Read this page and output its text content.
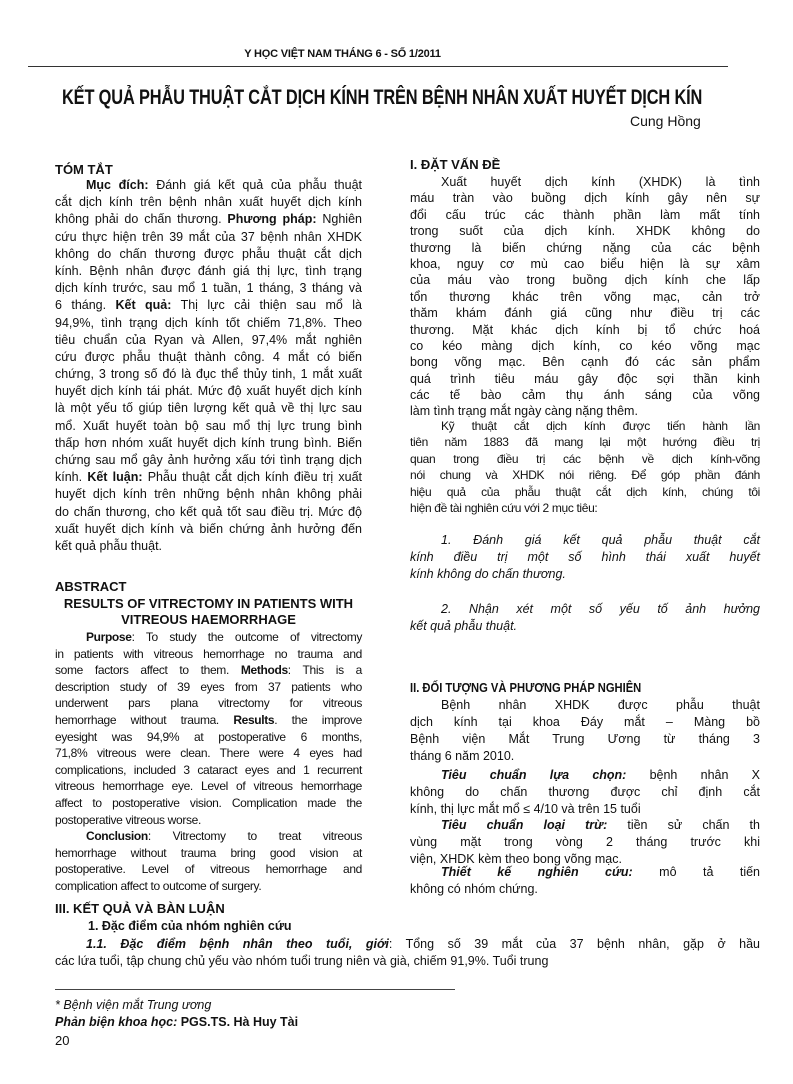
Y HỌC VIỆT NAM THÁNG 6 - SỐ 1/2011
KẾT QUẢ PHẪU THUẬT CẮT DỊCH KÍNH TRÊN BỆNH NHÂN XUẤT HUYẾT DỊCH KÍN
Cung Hồng
TÓM TẮT
Mục đích: Đánh giá kết quả của phẫu thuật
cắt dịch kính trên bệnh nhân xuất huyết dịch kính
không phải do chấn thương. Phương pháp: Nghiên
cứu thực hiện trên 39 mắt của 37 bệnh nhân XHDK
không do chấn thương được phẫu thuật cắt dịch
kính. Bệnh nhân được đánh giá thị lực, tình trạng
dịch kính trước, sau mổ 1 tuần, 1 tháng, 3 tháng và
6 tháng. Kết quả: Thị lực cải thiện sau mổ là
94,9%, tình trạng dịch kính tốt chiếm 71,8%. Theo
tiêu chuẩn của Ryan và Allen, 97,4% mắt nghiên
cứu được phẫu thuật thành công. 4 mắt có biến
chứng, 3 trong số đó là đục thể thủy tinh, 1 mắt xuất
huyết dịch kính tái phát. Mức độ xuất huyết dịch kính
là một yếu tố giúp tiên lượng kết quả về thị lực sau
mổ. Xuất huyết toàn bộ sau mổ thị lực trung bình
thấp hơn nhóm xuất huyết dịch kính trung bình. Biến
chứng sau mổ gây ảnh hưởng xấu tới tình trạng dịch
kính. Kết luận: Phẫu thuật cắt dịch kính điều trị xuất
huyết dịch kính trên những bệnh nhân không phải
do chấn thương, cho kết quả tốt sau điều trị. Mức độ
xuất huyết dịch kính và biến chứng ảnh hưởng đến
kết quả phẫu thuật.
ABSTRACT
RESULTS OF VITRECTOMY IN PATIENTS WITH
VITREOUS HAEMORRHAGE
Purpose: To study the outcome of vitrectomy
in patients with vitreous hemorrhage no trauma and
some factors affect to them. Methods: This is a
description study of 39 eyes from 37 patients who
underwent pars plana vitrectomy for vitreous
hemorrhage without trauma. Results. the improve
eyesight was 94,9% at postoperative 6 months,
71,8% vitreous were clean. There were 4 eyes had
complications, included 3 cataract eyes and 1 recurrent
vitreous hemorrhage eye. Level of vitreous hemorrhage
affect to postoperative vision. Complication made the
postoperative vitreous worse.
Conclusion: Vitrectomy to treat vitreous
hemorrhage without trauma bring good vision at
postoperative. Level of vitreous hemorrhage and
complication affect to outcome of surgery.
I. ĐẶT VẤN ĐỀ
Xuất huyết dịch kính (XHDK) là tình
máu tràn vào buồng dịch kính gây nên sự
đổi cấu trúc các thành phần làm mất tính
trong suốt của dịch kính. XHDK không do
thương là biến chứng nặng của các bệnh
khoa, nguy cơ mù cao biểu hiện là sự xâm
của máu vào trong buồng dịch kính che lấp
tổn thương khác trên võng mạc, cản trở
thăm khám đánh giá cũng như điều trị các
thương. Mặt khác dịch kính bị tổ chức hoá
co kéo màng dịch kính, co kéo võng mạc
bong võng mạc. Bên cạnh đó các sản phẩm
quá trình tiêu máu gây độc sợi thần kinh
các tế bào cảm thụ ánh sáng của võng
làm tình trạng mắt ngày càng nặng thêm.
Kỹ thuật cắt dịch kính được tiến hành lần
tiên năm 1883 đã mang lại một hướng điều trị
quan trong điều trị các bệnh về dịch kính-võng
nói chung và XHDK nói riêng. Để góp phần đánh
hiệu quả của phẫu thuật cắt dịch kính, chúng tôi
hiện đề tài nghiên cứu với 2 mục tiêu:
1. Đánh giá kết quả phẫu thuật cắt
kính điều trị một số hình thái xuất huyết
kính không do chấn thương.
2. Nhận xét một số yếu tố ảnh hưởng
kết quả phẫu thuật.
II. ĐỐI TƯỢNG VÀ PHƯƠNG PHÁP NGHIÊN
Bệnh nhân XHDK được phẫu thuật
dịch kính tại khoa Đáy mắt – Màng bồ
Bệnh viện Mắt Trung Ương từ tháng 3
tháng 6 năm 2010.
Tiêu chuẩn lựa chọn: bệnh nhân X
không do chấn thương được chỉ định cắt
kính, thị lực mắt mổ ≤ 4/10 và trên 15 tuổi
Tiêu chuẩn loại trừ: tiền sử chấn th
vùng mặt trong vòng 2 tháng trước khi
viện, XHDK kèm theo bong võng mạc.
Thiết kế nghiên cứu: mô tả tiến
không có nhóm chứng.
III. KẾT QUẢ VÀ BÀN LUẬN
1. Đặc điểm của nhóm nghiên cứu
1.1. Đặc điểm bệnh nhân theo tuổi, giới: Tổng số 39 mắt của 37 bệnh nhân, gặp ở hầu
các lứa tuổi, tập chung chủ yếu vào nhóm tuổi trung niên và già, chiếm 91,9%. Tuổi trung
* Bệnh viện mắt Trung ương
Phản biện khoa học: PGS.TS. Hà Huy Tài
20
